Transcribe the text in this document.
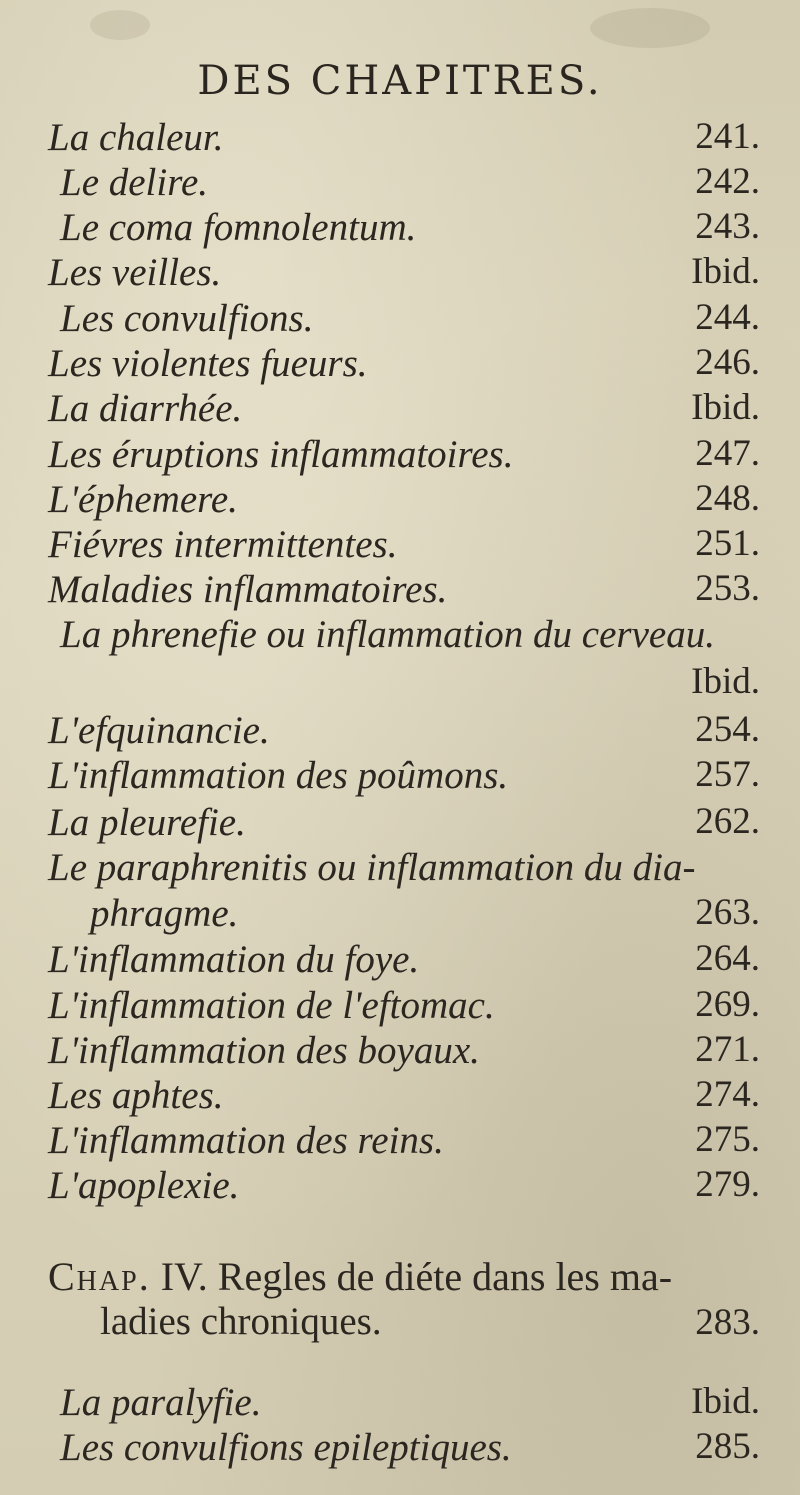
DES CHAPITRES.
La chaleur.	241.
Le delire.	242.
Le coma fomnolentum.	243.
Les veilles.	Ibid.
Les convulfions.	244.
Les violentes fueurs.	246.
La diarrhée.	Ibid.
Les éruptions inflammatoires.	247.
L'éphemere.	248.
Fiévres intermittentes.	251.
Maladies inflammatoires.	253.
La phrenefie ou inflammation du cerveau.
Ibid.
L'efquinancie.	254.
L'inflammation des poûmons.	257.
La pleurefie.	262.
Le paraphrenitis ou inflammation du dia-
phragme.	263.
L'inflammation du foye.	264.
L'inflammation de l'eftomac.	269.
L'inflammation des boyaux.	271.
Les aphtes.	274.
L'inflammation des reins.	275.
L'apoplexie.	279.
Chap. IV. Regles de diéte dans les ma-
ladies chroniques.	283.
La paralyfie.	Ibid.
Les convulfions epileptiques.	285.
